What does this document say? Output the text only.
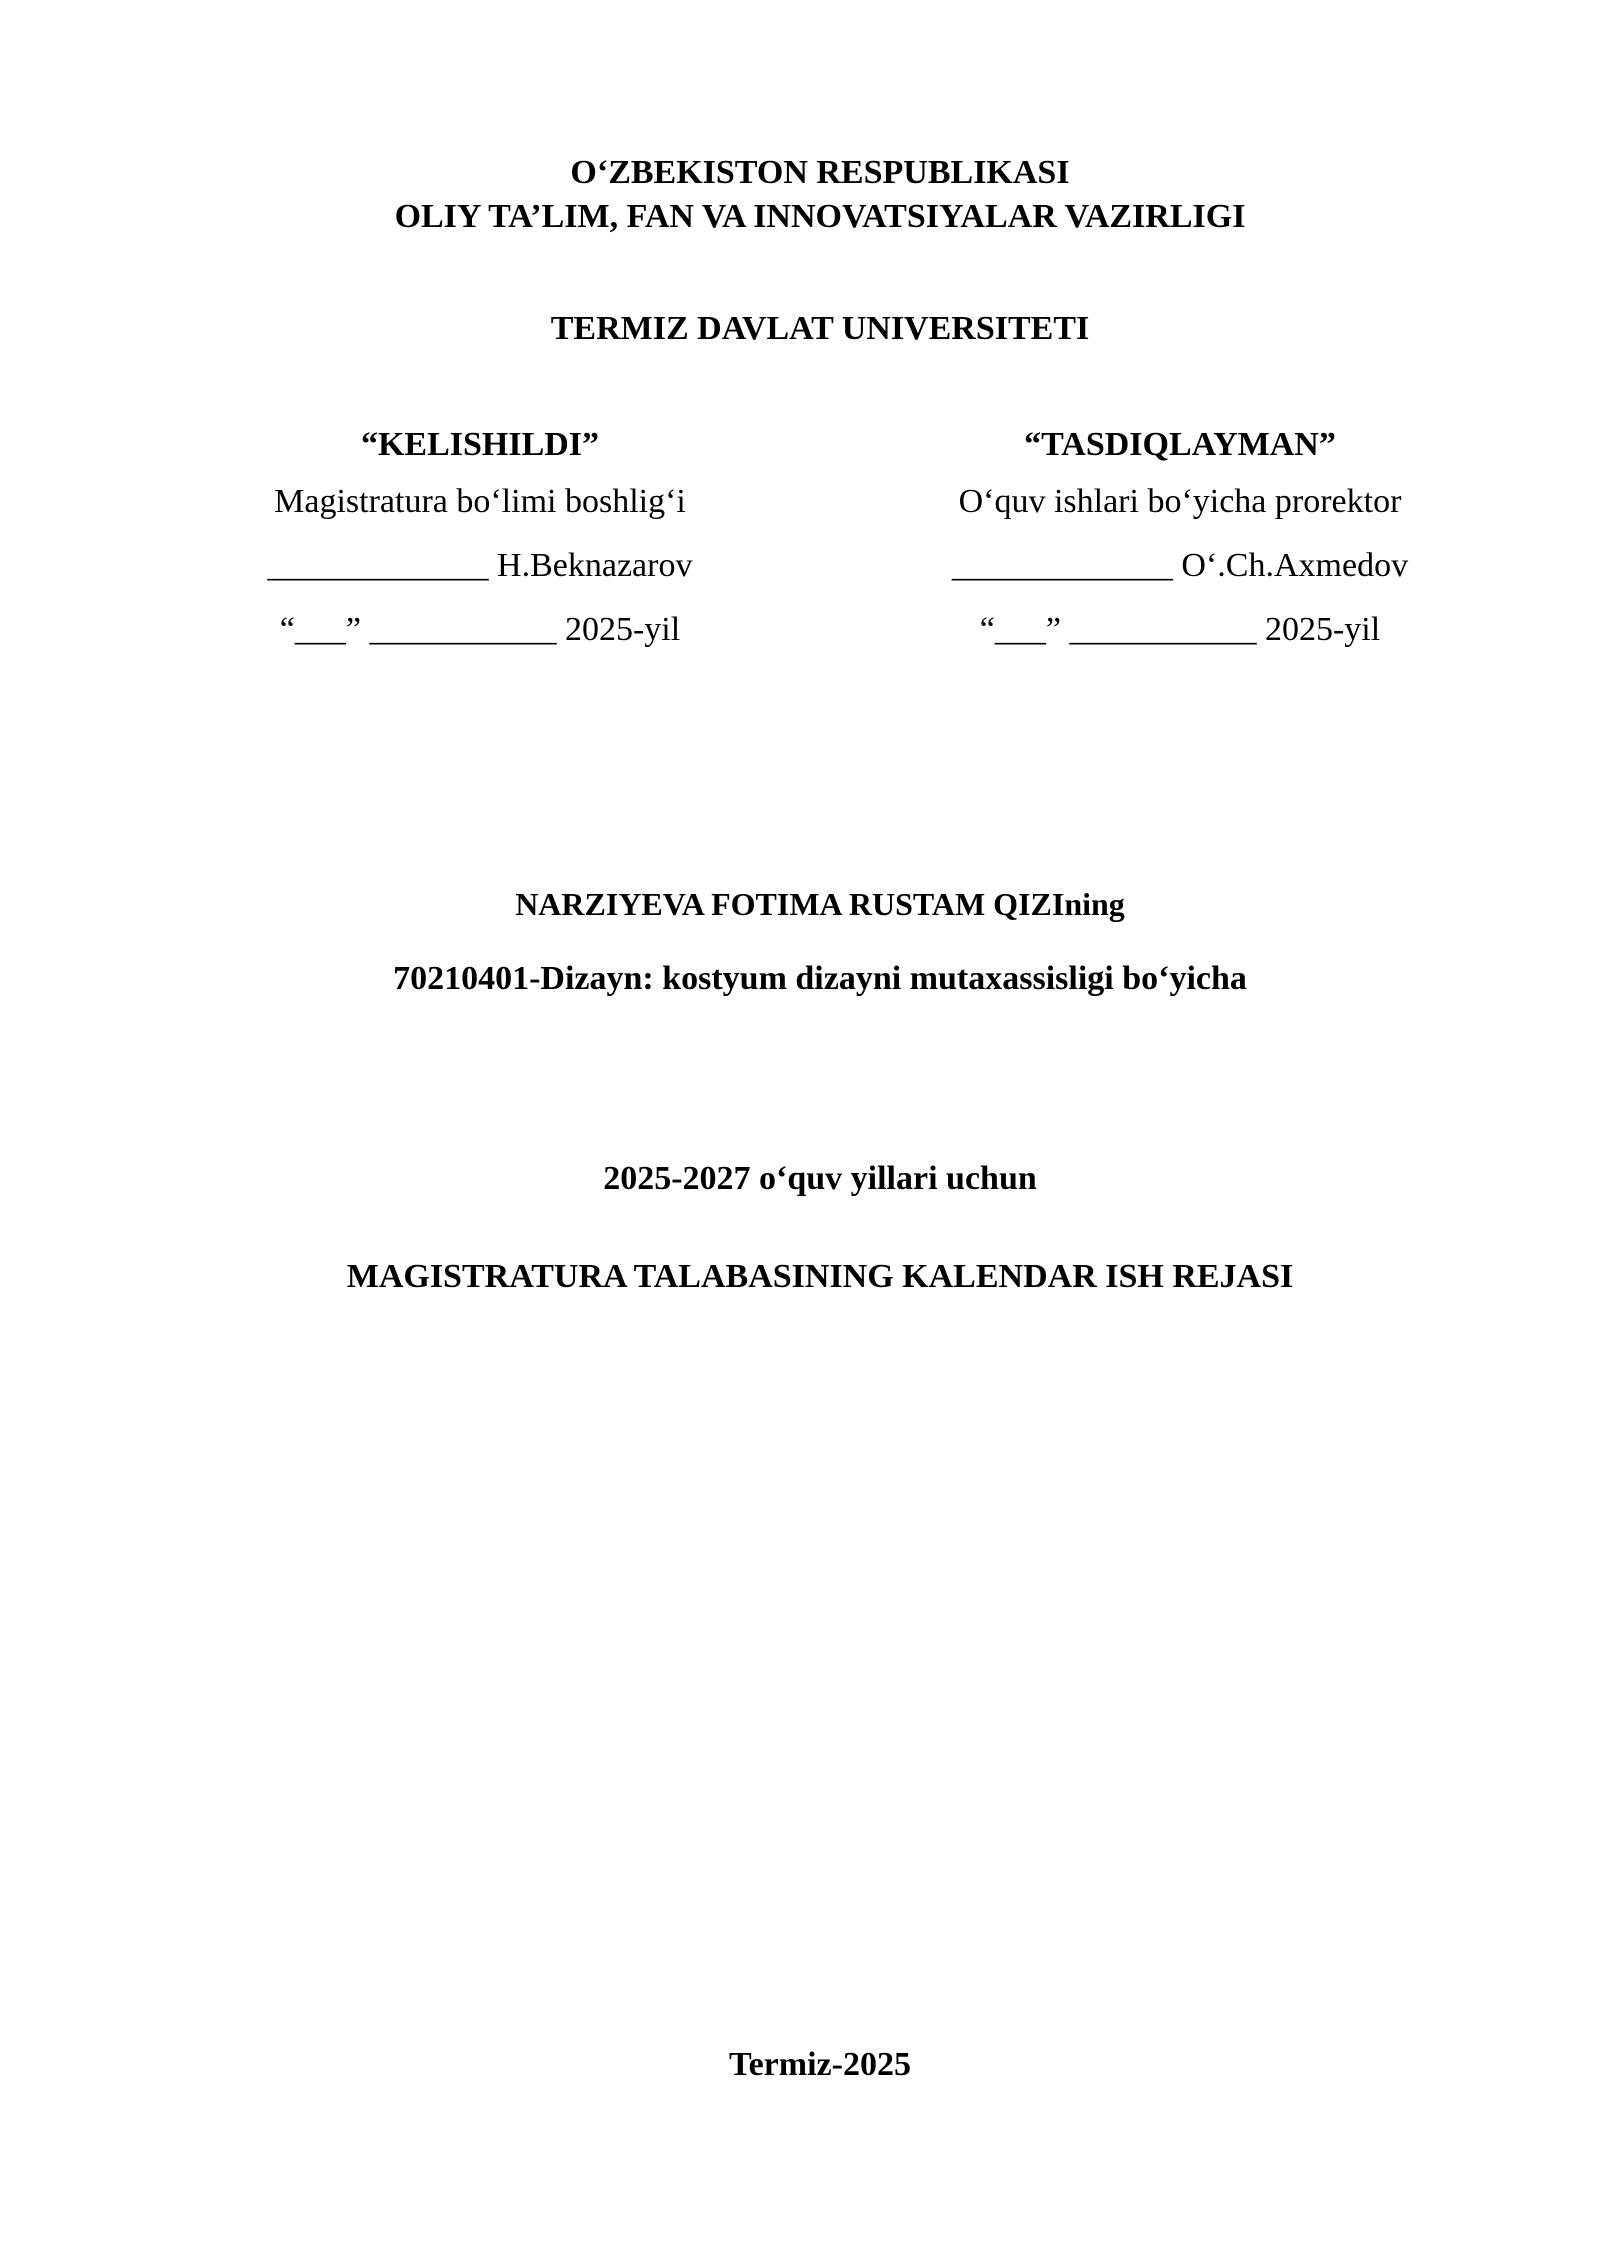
O‘ZBEKISTON RESPUBLIKASI
OLIY TA’LIM, FAN VA INNOVATSIYALAR VAZIRLIGI
TERMIZ DAVLAT UNIVERSITETI
“KELISHILDI”
Magistratura bo‘limi boshlig‘i
_____________ H.Beknazarov
“___” ___________ 2025-yil
“TASDIQLAYMAN”
O‘quv ishlari bo‘yicha prorektor
_____________ O‘.Ch.Axmedov
“___” ___________ 2025-yil
NARZIYEVA FOTIMA RUSTAM QIZIning
70210401-Dizayn: kostyum dizayni mutaxassisligi bo‘yicha
2025-2027 o‘quv yillari uchun
MAGISTRATURA TALABASINING KALENDAR ISH REJASI
Termiz-2025
